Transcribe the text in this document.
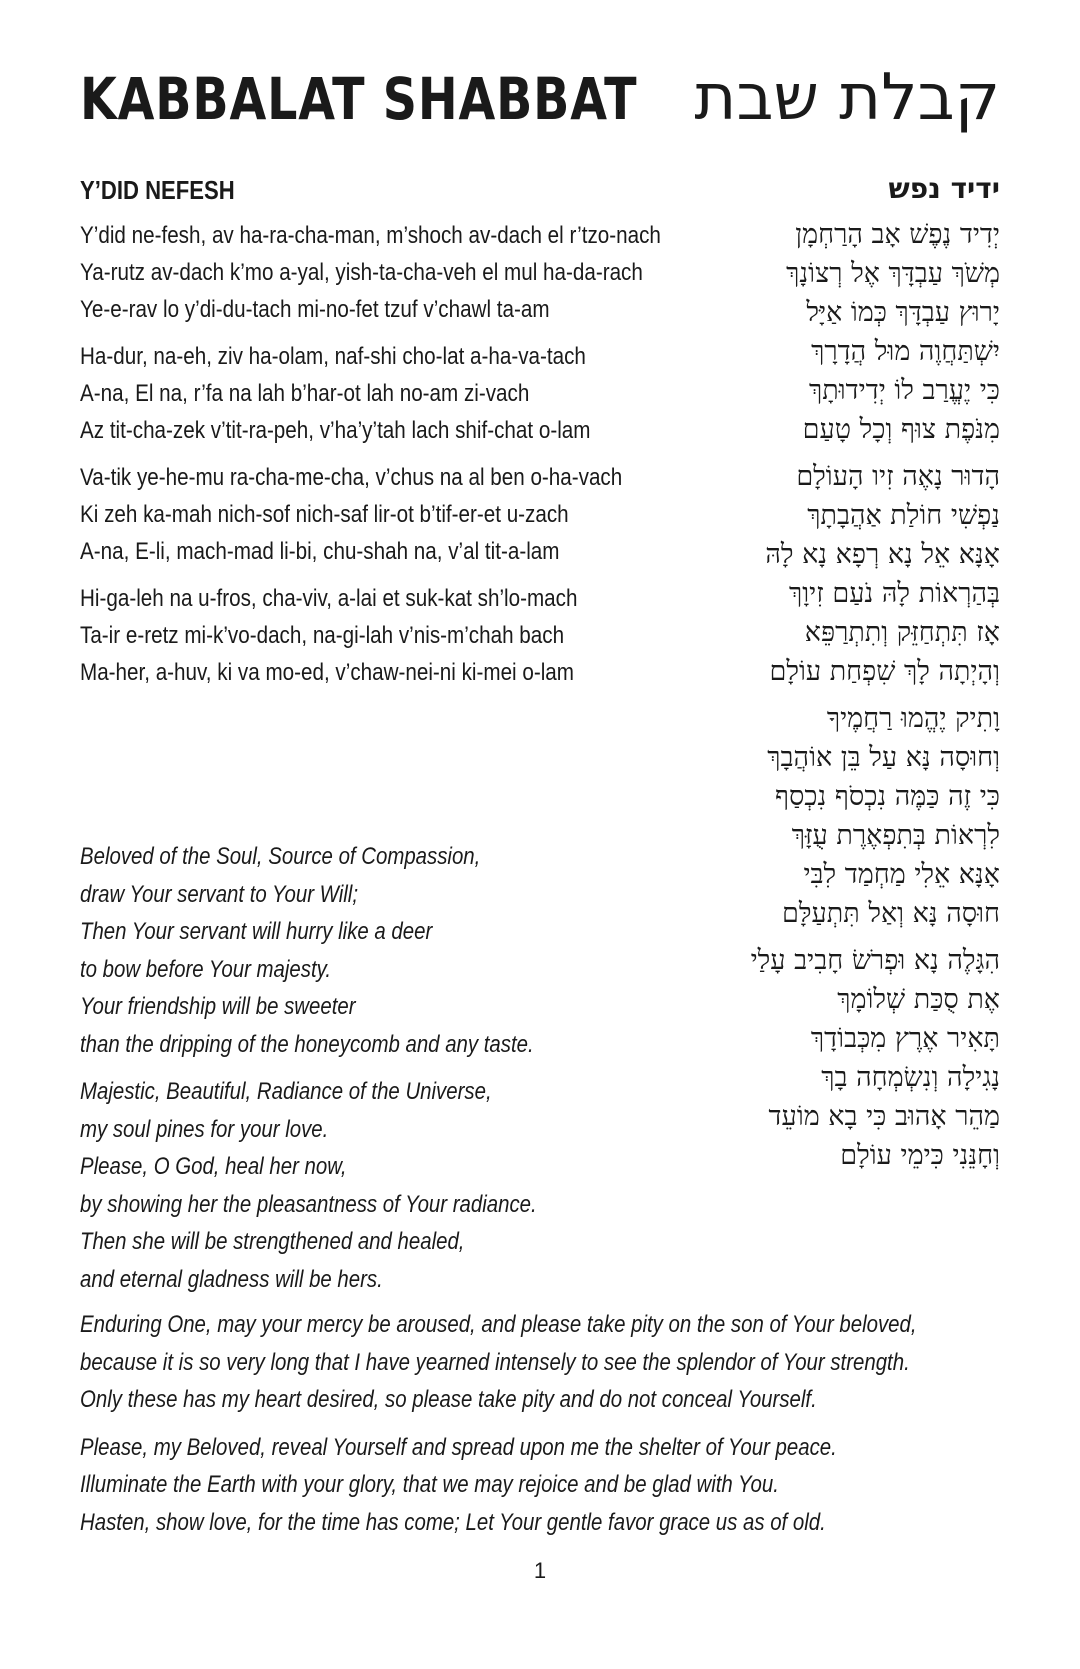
KABBALAT SHABBAT קבלת שבת
Y’DID NEFESH	ידיד נפש
Y’did ne-fesh, av ha-ra-cha-man, m’shoch av-dach el r’tzo-nach
Ya-rutz av-dach k’mo a-yal, yish-ta-cha-veh el mul ha-da-rach
Ye-e-rav lo y’di-du-tach mi-no-fet tzuf v’chawl ta-am
Ha-dur, na-eh, ziv ha-olam, naf-shi cho-lat a-ha-va-tach
A-na, El na, r’fa na lah b’har-ot lah no-am zi-vach
Az tit-cha-zek v’tit-ra-peh, v’ha’y’tah lach shif-chat o-lam
Va-tik ye-he-mu ra-cha-me-cha, v’chus na al ben o-ha-vach
Ki zeh ka-mah nich-sof nich-saf lir-ot b’tif-er-et u-zach
A-na, E-li, mach-mad li-bi, chu-shah na, v’al tit-a-lam
Hi-ga-leh na u-fros, cha-viv, a-lai et suk-kat sh’lo-mach
Ta-ir e-retz mi-k’vo-dach, na-gi-lah v’nis-m’chah bach
Ma-her, a-huv, ki va mo-ed, v’chaw-nei-ni ki-mei o-lam
יְדִיד נֶפֶשׁ אָב הָרַחְמָן
מְשֹׁךְ עַבְדָּךְ אֶל רְצוֹנָךְ
יָרוּץ עַבְדָּךְ כְּמוֹ אַיָּל
יִשְׁתַּחֲוֶה מוּל הֲדָרָךְ
כִּי יֶעֱרַב לוֹ יְדִידוּתָךְ
מִנֹּפֶת צוּף וְכָל טָעַם
הָדוּר נָאֶה זִיו הָעוֹלָם
נַפְשִׁי חוֹלַת אַהֲבָתָךְ
אָנָּא אֵל נָא רְפָא נָא לָהּ
בְּהַרְאוֹת לָהּ נֹעַם זִיוָךְ
אָז תִּתְחַזֵּק וְתִתְרַפֵּא
וְהָיְתָה לָךְ שִׁפְחַת עוֹלָם
וָתִיק יֶהֱמוּ רַחֲמֶיךָ
וְחוּסָה נָּא עַל בֵּן אוֹהֲבָךְ
כִּי זֶה כַּמֶּה נִכְסֹף נִכְסַף
לִרְאוֹת בְּתִפְאֶרֶת עֻזָּךְ
אָנָּא אֵלִי מַחְמַד לִבִּי
חוּסָה נָּא וְאַל תִּתְעַלָּם
הִגָּלֶה נָא וּפְרֹשׂ חָבִיב עָלַי
אֶת סֻכַּת שְׁלוֹמָךְ
תָּאִיר אֶרֶץ מִכְּבוֹדָךְ
נָגִילָה וְנִשְׂמְחָה בָךְ
מַהֵר אָהוּב כִּי בָא מוֹעֵד
וְחָנֵּנִי כִּימֵי עוֹלָם
Beloved of the Soul, Source of Compassion,
draw Your servant to Your Will;
Then Your servant will hurry like a deer
to bow before Your majesty.
Your friendship will be sweeter
than the dripping of the honeycomb and any taste.
Majestic, Beautiful, Radiance of the Universe,
my soul pines for your love.
Please, O God, heal her now,
by showing her the pleasantness of Your radiance.
Then she will be strengthened and healed,
and eternal gladness will be hers.
Enduring One, may your mercy be aroused, and please take pity on the son of Your beloved,
because it is so very long that I have yearned intensely to see the splendor of Your strength.
Only these has my heart desired, so please take pity and do not conceal Yourself.
Please, my Beloved, reveal Yourself and spread upon me the shelter of Your peace.
Illuminate the Earth with your glory, that we may rejoice and be glad with You.
Hasten, show love, for the time has come; Let Your gentle favor grace us as of old.
1
